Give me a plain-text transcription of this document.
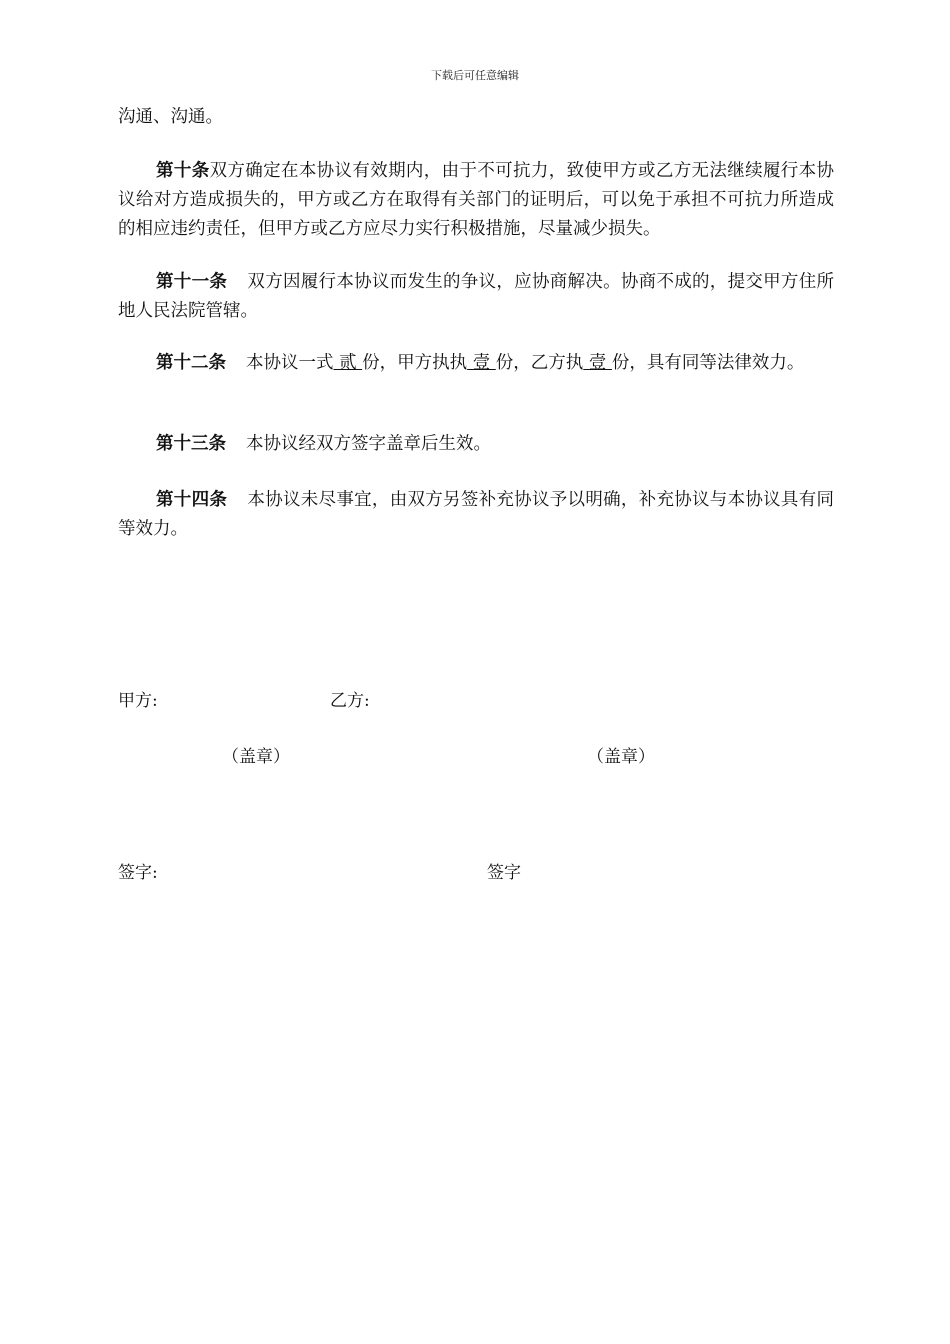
下载后可任意编辑
沟通、沟通。

第十条双方确定在本协议有效期内，由于不可抗力，致使甲方或乙方无法继续履行本协议给对方造成损失的，甲方或乙方在取得有关部门的证明后，可以免于承担不可抗力所造成的相应违约责任，但甲方或乙方应尽力实行积极措施，尽量减少损失。

第十一条 双方因履行本协议而发生的争议，应协商解决。协商不成的，提交甲方住所地人民法院管辖。

第十二条 本协议一式 贰 份，甲方执执 壹 份，乙方执 壹 份，具有同等法律效力。

第十三条 本协议经双方签字盖章后生效。

第十四条 本协议未尽事宜，由双方另签补充协议予以明确，补充协议与本协议具有同等效力。

甲方:	乙方:
（盖章）	（盖章）
签字:	签字
